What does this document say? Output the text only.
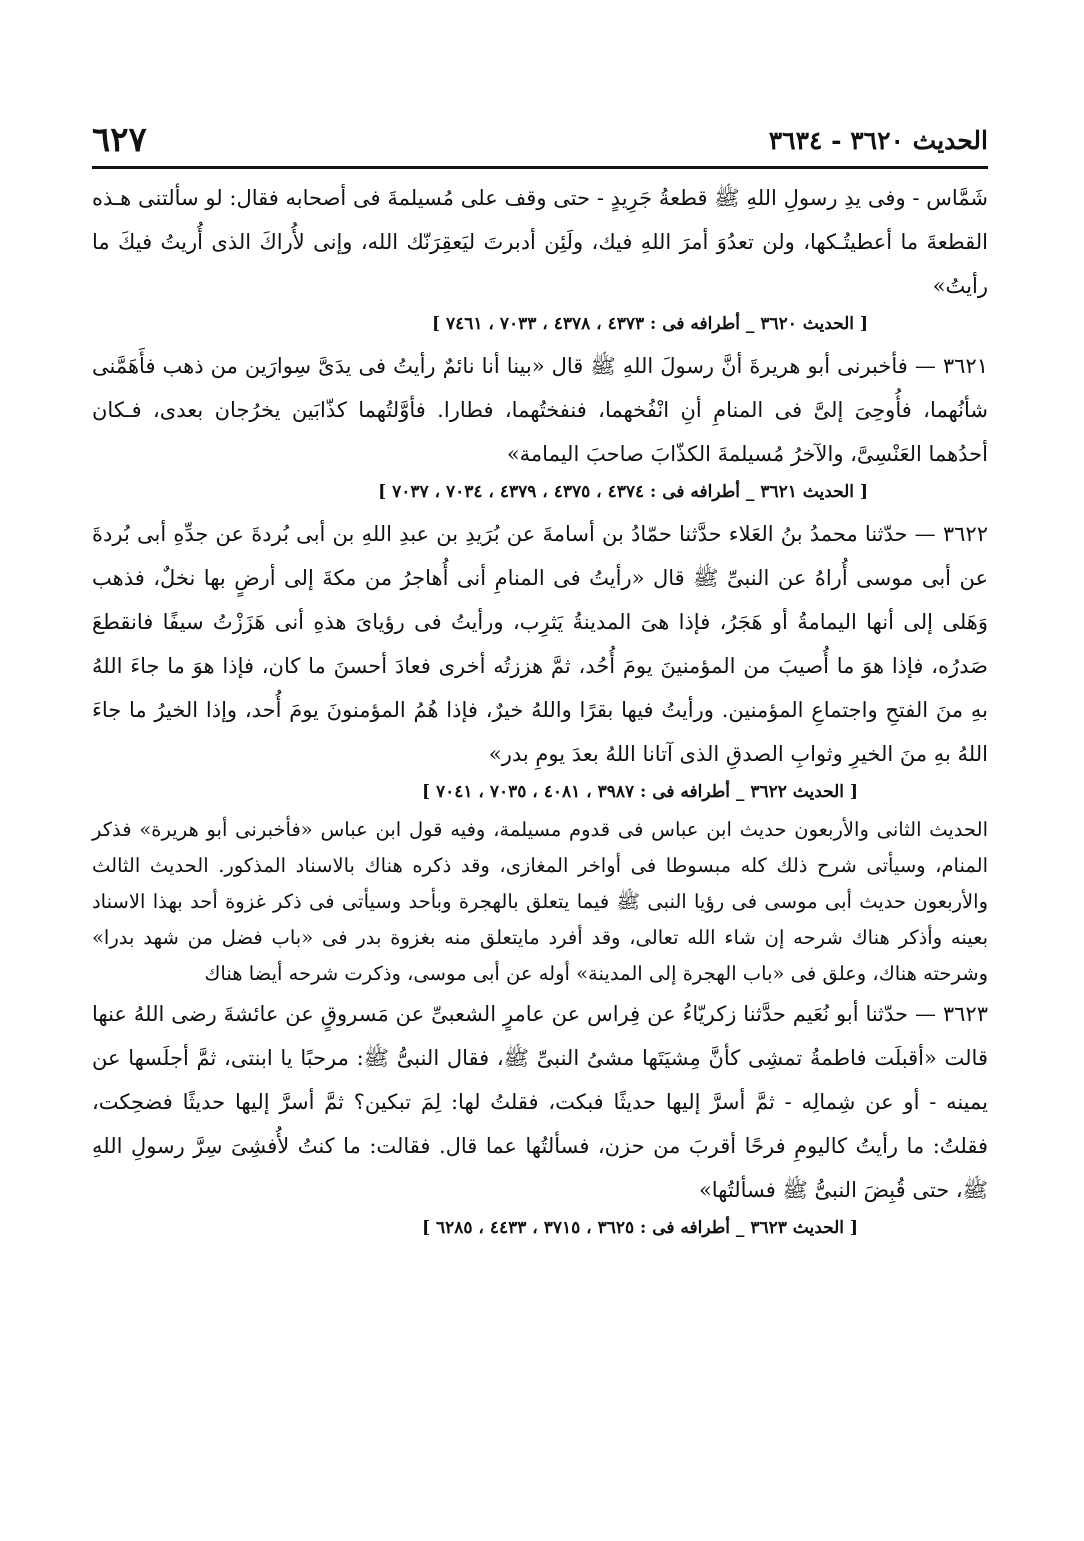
الحديث ٣٦٢٠ - ٣٦٣٤
٦٢٧

شَمَّاس - وفى يدِ رسولِ اللهِ ﷺ قطعةُ جَرِيدٍ - حتى وقف على مُسيلمةَ فى أصحابه فقال: لو سألتنى هـذه القطعةَ ما أعطيتُـكها، ولن تعدُوَ أمرَ اللهِ فيك، ولَئِن أدبرتَ ليَعقِرَنّك الله، وإنى لأُراكَ الذى أُريتُ فيكَ ما رأيتُ»

[ الحديث ٣٦٢٠ _ أطرافه فى : ٤٣٧٣ ، ٤٣٧٨ ، ٧٠٣٣ ، ٧٤٦١ ]

٣٦٢١ — فأخبرنى أبو هريرةَ أنَّ رسولَ اللهِ ﷺ قال «بينا أنا نائمٌ رأيتُ فى يدَىَّ سِوارَين من ذهب فأَهَمَّنى شأنُهما، فأُوحِىَ إلىَّ فى المنامِ أنِ انْفُخهما، فنفختُهما، فطارا. فأوَّلتُهما كذّابَين يخرُجان بعدى، فـكان أحدُهما العَنْسِىَّ، والآخرُ مُسيلمةَ الكذّابَ صاحبَ اليمامة»

[ الحديث ٣٦٢١ _ أطرافه فى : ٤٣٧٤ ، ٤٣٧٥ ، ٤٣٧٩ ، ٧٠٣٤ ، ٧٠٣٧ ]

٣٦٢٢ — حدّثنا محمدُ بنُ العَلاء حدَّثنا حمّادُ بن أسامةَ عن بُرَيدِ بن عبدِ اللهِ بن أبى بُردةَ عن جدِّهِ أبى بُردةَ عن أبى موسى أُراهُ عن النبىِّ ﷺ قال «رأيتُ فى المنامِ أنى أُهاجرُ من مكةَ إلى أرضٍ بها نخلٌ، فذهب وَهَلى إلى أنها اليمامةُ أو هَجَرُ، فإذا هىَ المدينةُ يَثرِب، ورأيتُ فى رؤياىَ هذهِ أنى هَزَزْتُ سيفًا فانقطعَ صَدرُه، فإذا هوَ ما أُصيبَ من المؤمنينَ يومَ أُحُد، ثمَّ هززتُه أخرى فعادَ أحسنَ ما كان، فإذا هوَ ما جاءَ اللهُ بهِ منَ الفتحِ واجتماعِ المؤمنين. ورأيتُ فيها بقرًا واللهُ خيرٌ، فإذا هُمُ المؤمنونَ يومَ أُحد، وإذا الخيرُ ما جاءَ اللهُ بهِ منَ الخيرِ وثوابِ الصدقِ الذى آتانا اللهُ بعدَ يومِ بدر»

[ الحديث ٣٦٢٢ _ أطرافه فى : ٣٩٨٧ ، ٤٠٨١ ، ٧٠٣٥ ، ٧٠٤١ ]

الحديث الثانى والأربعون حديث ابن عباس فى قدوم مسيلمة، وفيه قول ابن عباس «فأخبرنى أبو هريرة» فذكر المنام، وسيأتى شرح ذلك كله مبسوطا فى أواخر المغازى، وقد ذكره هناك بالاسناد المذكور. الحديث الثالث والأربعون حديث أبى موسى فى رؤيا النبى ﷺ فيما يتعلق بالهجرة وبأحد وسيأتى فى ذكر غزوة أحد بهذا الاسناد بعينه وأذكر هناك شرحه إن شاء الله تعالى، وقد أفرد مايتعلق منه بغزوة بدر فى «باب فضل من شهد بدرا» وشرحته هناك، وعلق فى «باب الهجرة إلى المدينة» أوله عن أبى موسى، وذكرت شرحه أيضا هناك

٣٦٢٣ — حدّثنا أبو نُعَيم حدَّثنا زكريّاءُ عن فِراس عن عامرٍ الشعبىِّ عن مَسروقٍ عن عائشةَ رضى اللهُ عنها قالت «أقبلَت فاطمةُ تمشِى كأنَّ مِشيَتَها مشىُ النبىِّ ﷺ، فقال النبىُّ ﷺ: مرحبًا يا ابنتى، ثمَّ أجلَسها عن يمينه - أو عن شِمالِه - ثمَّ أسرَّ إليها حديثًا فبكت، فقلتُ لها: لِمَ تبكين؟ ثمَّ أسرَّ إليها حديثًا فضحِكت، فقلتُ: ما رأيتُ كاليومِ فرحًا أقربَ من حزن، فسألتُها عما قال. فقالت: ما كنتُ لأُفشِىَ سِرَّ رسولِ اللهِ ﷺ، حتى قُبِضَ النبىُّ ﷺ فسألتُها»

[ الحديث ٣٦٢٣ _ أطرافه فى : ٣٦٢٥ ، ٣٧١٥ ، ٤٤٣٣ ، ٦٢٨٥ ]
